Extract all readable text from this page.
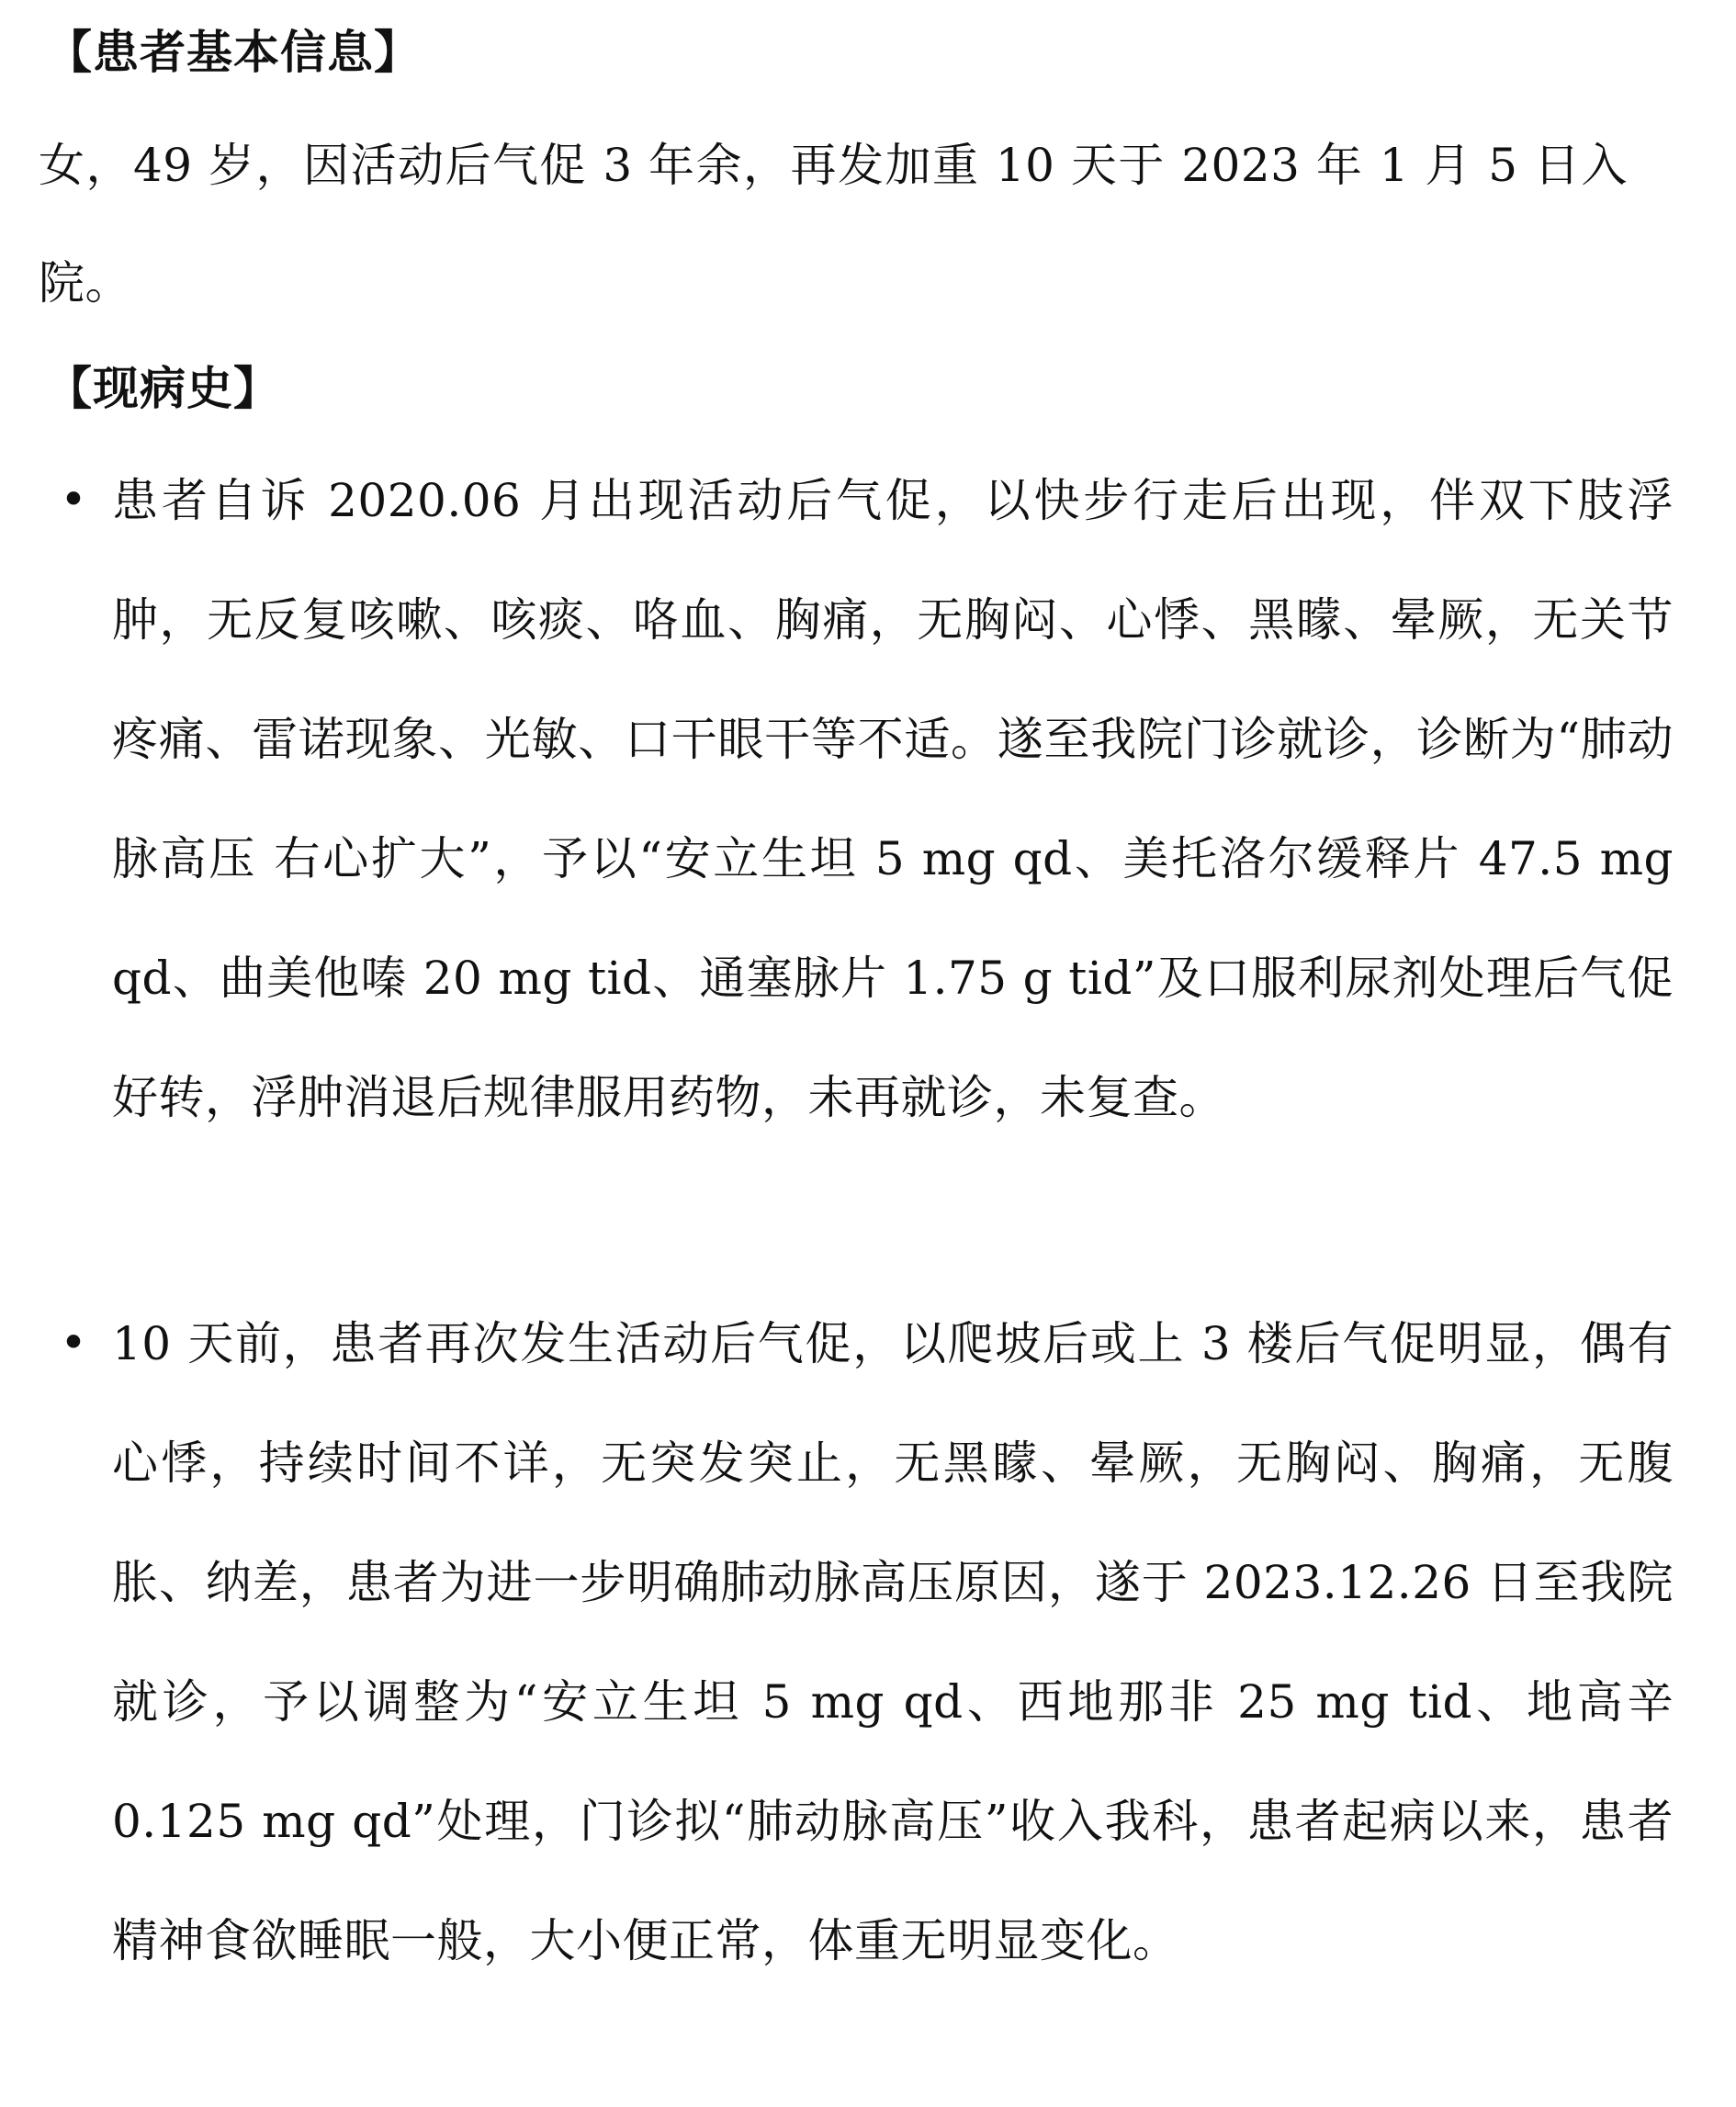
【患者基本信息】
女，49 岁，因活动后气促 3 年余，再发加重 10 天于 2023 年 1 月 5 日入院。
【现病史】
• 患者自诉 2020.06 月出现活动后气促，以快步行走后出现，伴双下肢浮肿，无反复咳嗽、咳痰、咯血、胸痛，无胸闷、心悸、黑矇、晕厥，无关节疼痛、雷诺现象、光敏、口干眼干等不适。遂至我院门诊就诊，诊断为“肺动脉高压 右心扩大”，予以“安立生坦 5 mg qd、美托洛尔缓释片 47.5 mg qd、曲美他嗪 20 mg tid、通塞脉片 1.75 g tid”及口服利尿剂处理后气促好转，浮肿消退后规律服用药物，未再就诊，未复查。
• 10 天前，患者再次发生活动后气促，以爬坡后或上 3 楼后气促明显，偶有心悸，持续时间不详，无突发突止，无黑矇、晕厥，无胸闷、胸痛，无腹胀、纳差，患者为进一步明确肺动脉高压原因，遂于 2023.12.26 日至我院就诊，予以调整为“安立生坦 5 mg qd、西地那非 25 mg tid、地高辛 0.125 mg qd”处理，门诊拟“肺动脉高压”收入我科，患者起病以来，患者精神食欲睡眠一般，大小便正常，体重无明显变化。
